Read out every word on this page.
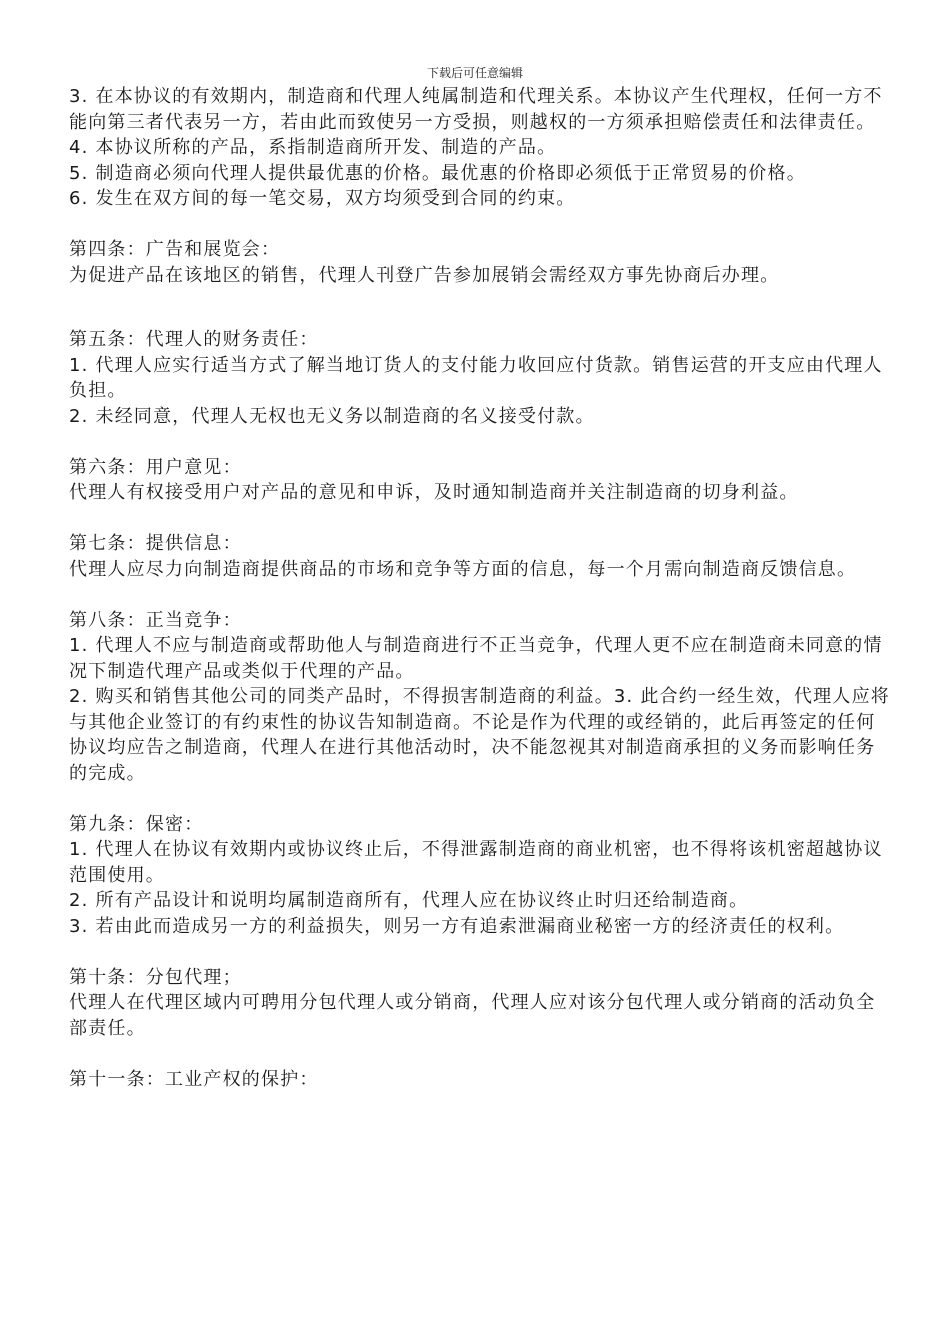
下载后可任意编辑

3. 在本协议的有效期内，制造商和代理人纯属制造和代理关系。本协议产生代理权，任何一方不能向第三者代表另一方，若由此而致使另一方受损，则越权的一方须承担赔偿责任和法律责任。

4. 本协议所称的产品，系指制造商所开发、制造的产品。

5. 制造商必须向代理人提供最优惠的价格。最优惠的价格即必须低于正常贸易的价格。

6. 发生在双方间的每一笔交易，双方均须受到合同的约束。

第四条：广告和展览会：

为促进产品在该地区的销售，代理人刊登广告参加展销会需经双方事先协商后办理。

第五条：代理人的财务责任：

1. 代理人应实行适当方式了解当地订货人的支付能力收回应付货款。销售运营的开支应由代理人负担。

2. 未经同意，代理人无权也无义务以制造商的名义接受付款。

第六条：用户意见：

代理人有权接受用户对产品的意见和申诉，及时通知制造商并关注制造商的切身利益。

第七条：提供信息：

代理人应尽力向制造商提供商品的市场和竞争等方面的信息，每一个月需向制造商反馈信息。

第八条：正当竞争：

1. 代理人不应与制造商或帮助他人与制造商进行不正当竞争，代理人更不应在制造商未同意的情况下制造代理产品或类似于代理的产品。

2. 购买和销售其他公司的同类产品时，不得损害制造商的利益。3. 此合约一经生效，代理人应将与其他企业签订的有约束性的协议告知制造商。不论是作为代理的或经销的，此后再签定的任何协议均应告之制造商，代理人在进行其他活动时，决不能忽视其对制造商承担的义务而影响任务的完成。

第九条：保密：

1. 代理人在协议有效期内或协议终止后，不得泄露制造商的商业机密，也不得将该机密超越协议范围使用。

2. 所有产品设计和说明均属制造商所有，代理人应在协议终止时归还给制造商。

3. 若由此而造成另一方的利益损失，则另一方有追索泄漏商业秘密一方的经济责任的权利。

第十条：分包代理；

代理人在代理区域内可聘用分包代理人或分销商，代理人应对该分包代理人或分销商的活动负全部责任。

第十一条：工业产权的保护：
